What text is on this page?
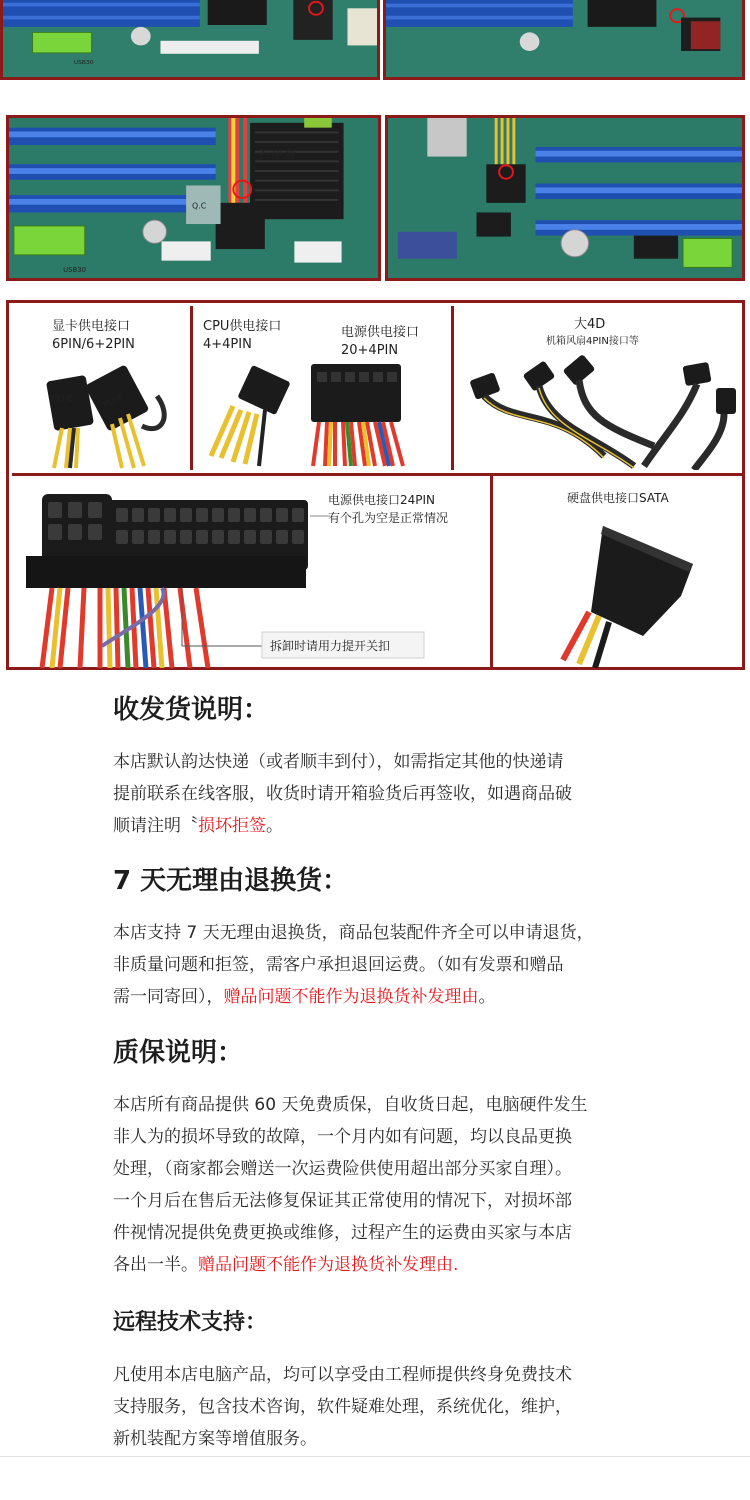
USB30
石斑鱼
Q.C
USB30
显卡供电接口
6PIN/6+2PIN
PCI-E	PCI-E
CPU供电接口
4+4PIN
电源供电接口
20+4PIN
大4D
机箱风扇4PIN接口等
电源供电接口24PIN
有个孔为空是正常情况
拆卸时请用力提开关扣
硬盘供电接口SATA
收发货说明：

本店默认韵达快递（或者顺丰到付），如需指定其他的快递请

提前联系在线客服，收货时请开箱验货后再签收，如遇商品破

顺请注明〝损坏拒签。

7 天无理由退换货：

本店支持 7 天无理由退换货，商品包装配件齐全可以申请退货，

非质量问题和拒签，需客户承担退回运费。（如有发票和赠品

需一同寄回），赠品问题不能作为退换货补发理由。

质保说明：

本店所有商品提供 60 天免费质保，自收货日起，电脑硬件发生

非人为的损坏导致的故障，一个月内如有问题，均以良品更换

处理，（商家都会赠送一次运费险供使用超出部分买家自理）。

一个月后在售后无法修复保证其正常使用的情况下，对损坏部

件视情况提供免费更换或维修，过程产生的运费由买家与本店

各出一半。赠品问题不能作为退换货补发理由.

远程技术支持：

凡使用本店电脑产品，均可以享受由工程师提供终身免费技术

支持服务，包含技术咨询，软件疑难处理，系统优化，维护，

新机装配方案等增值服务。
